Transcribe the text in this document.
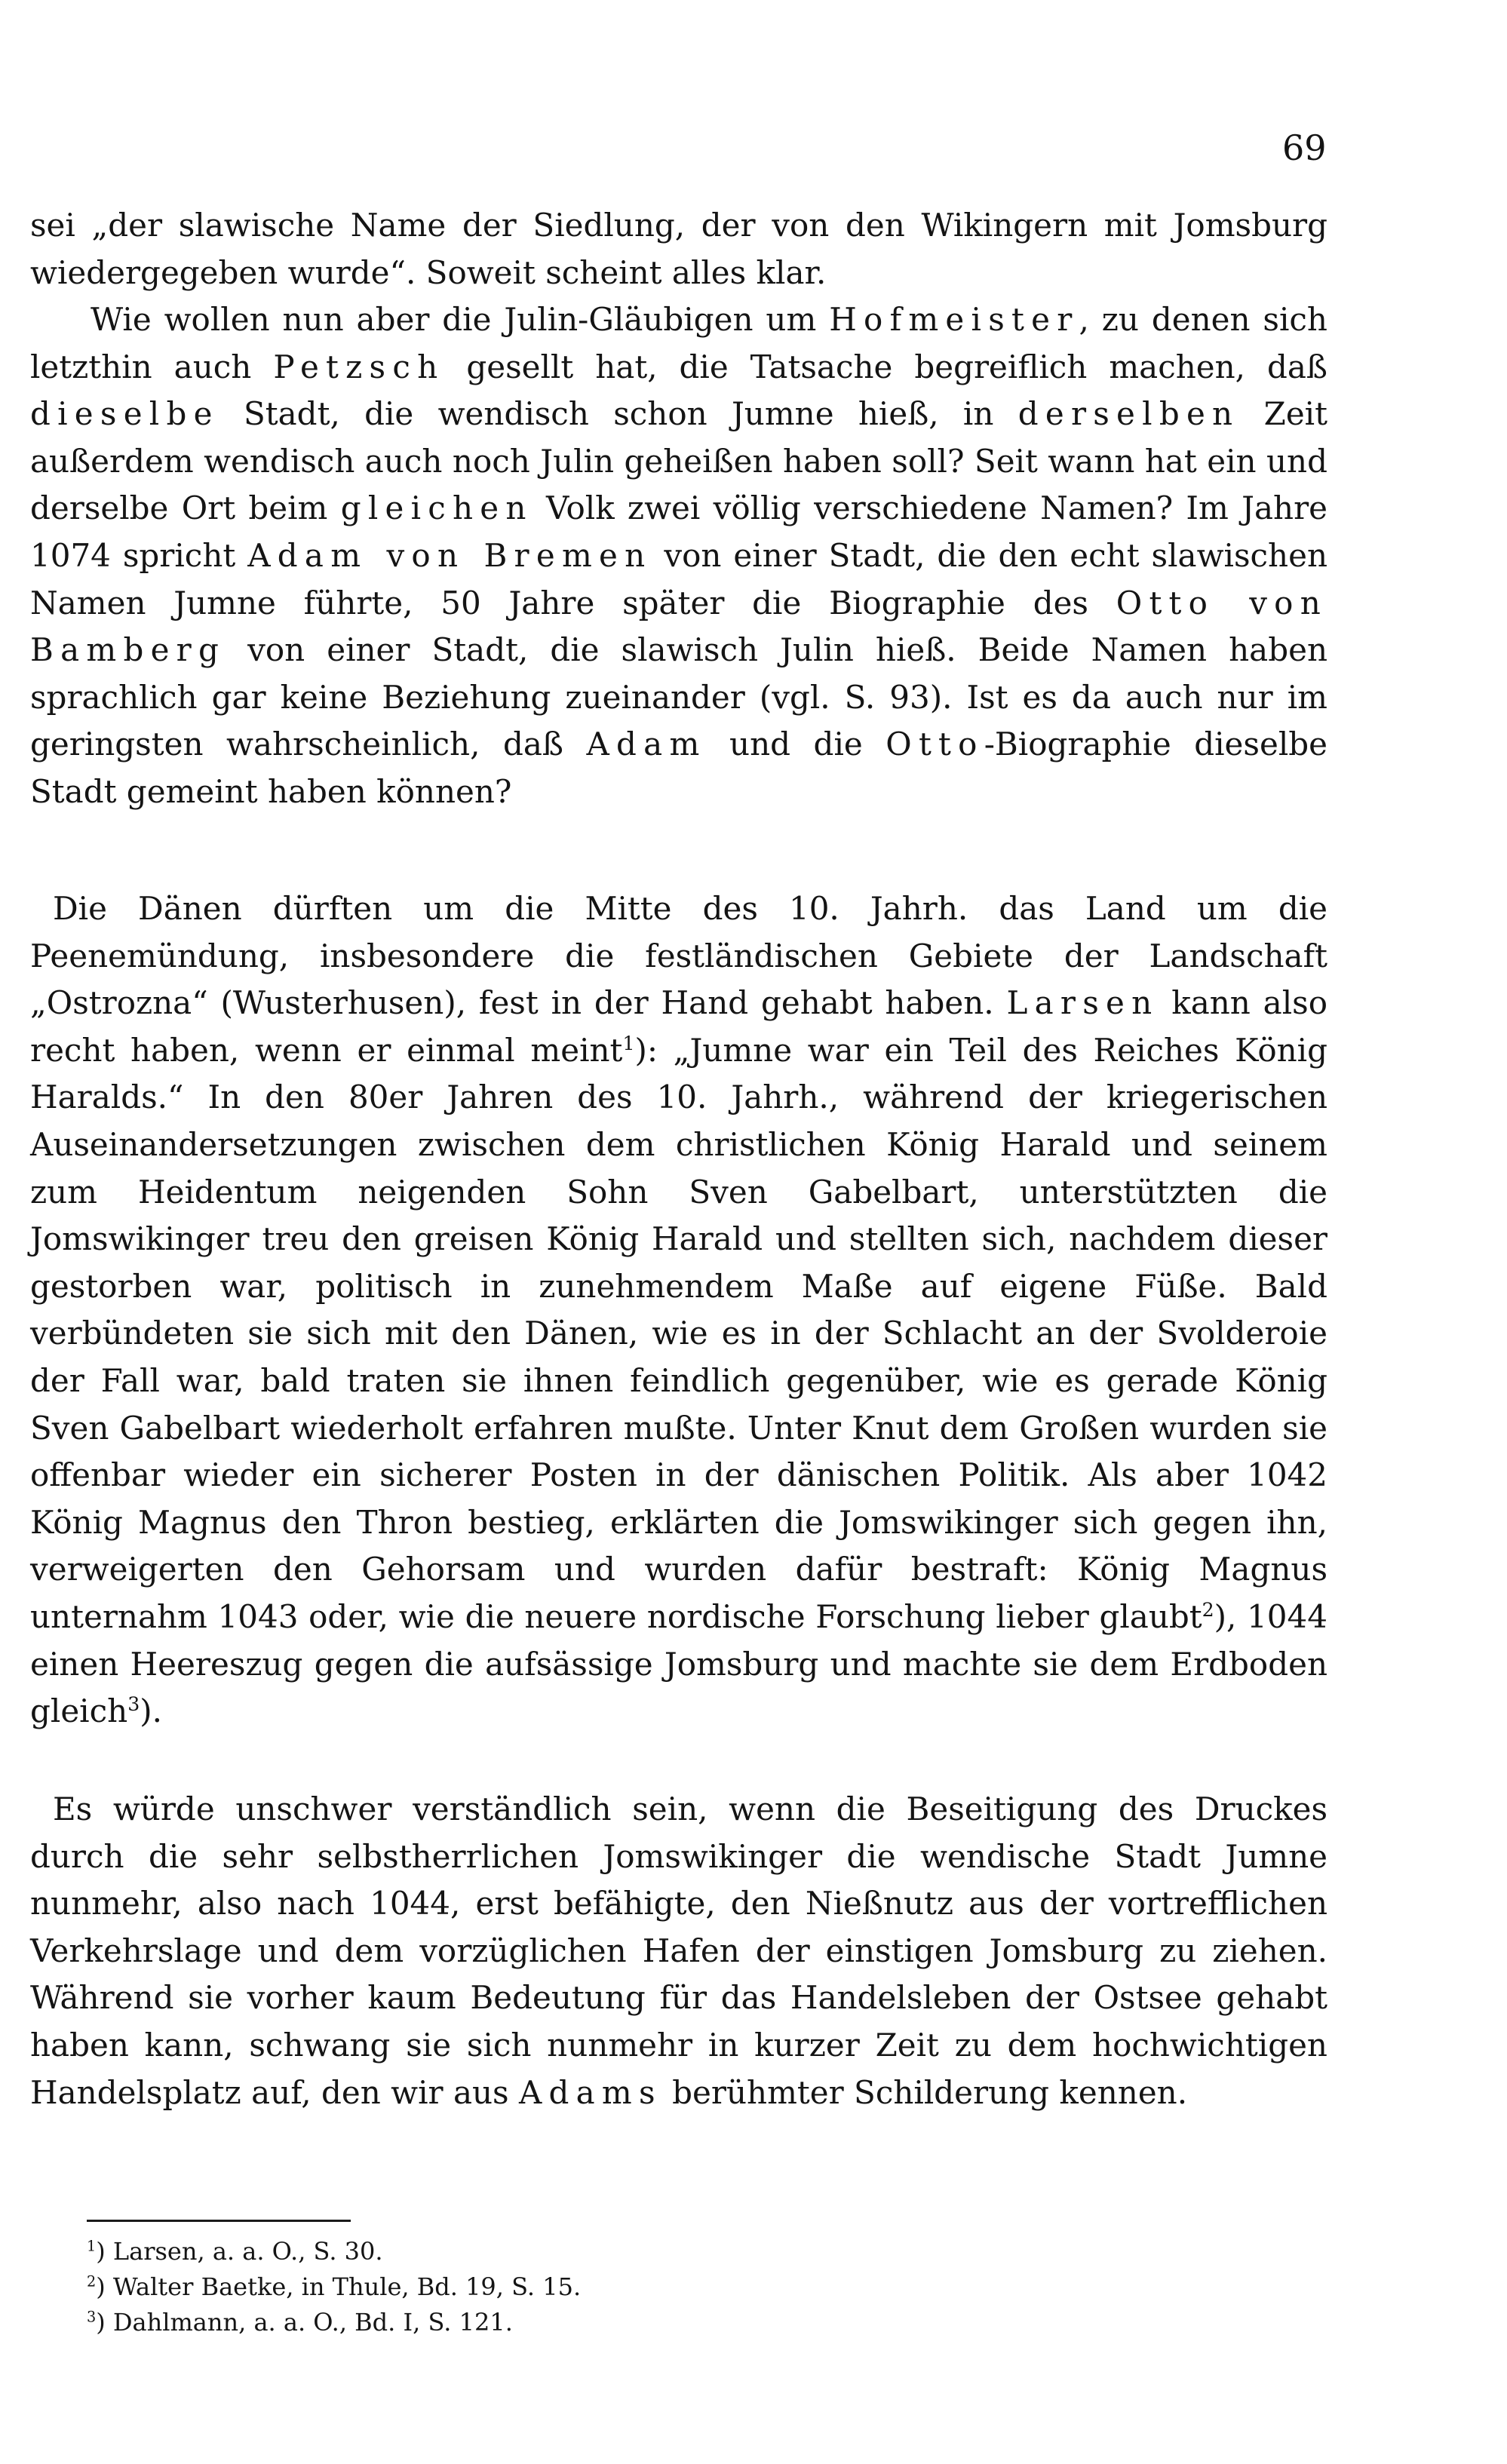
69

sei „der slawische Name der Siedlung, der von den Wikingern mit Jomsburg wiedergegeben wurde“. Soweit scheint alles klar.

Wie wollen nun aber die Julin-Gläubigen um Hofmeister, zu denen sich letzthin auch Petzsch gesellt hat, die Tatsache begreiflich machen, daß dieselbe Stadt, die wendisch schon Jumne hieß, in derselben Zeit außerdem wendisch auch noch Julin geheißen haben soll? Seit wann hat ein und derselbe Ort beim gleichen Volk zwei völlig verschiedene Namen? Im Jahre 1074 spricht Adam von Bremen von einer Stadt, die den echt slawischen Namen Jumne führte, 50 Jahre später die Biographie des Otto von Bamberg von einer Stadt, die slawisch Julin hieß. Beide Namen haben sprachlich gar keine Beziehung zueinander (vgl. S. 93). Ist es da auch nur im geringsten wahrscheinlich, daß Adam und die Otto-Biographie dieselbe Stadt gemeint haben können?

Die Dänen dürften um die Mitte des 10. Jahrh. das Land um die Peenemündung, insbesondere die festländischen Gebiete der Landschaft „Ostrozna“ (Wusterhusen), fest in der Hand gehabt haben. Larsen kann also recht haben, wenn er einmal meint$^1$): „Jumne war ein Teil des Reiches König Haralds.“ In den 80er Jahren des 10. Jahrh., während der kriegerischen Auseinandersetzungen zwischen dem christlichen König Harald und seinem zum Heidentum neigenden Sohn Sven Gabelbart, unterstützten die Jomswikinger treu den greisen König Harald und stellten sich, nachdem dieser gestorben war, politisch in zunehmendem Maße auf eigene Füße. Bald verbündeten sie sich mit den Dänen, wie es in der Schlacht an der Svolderoie der Fall war, bald traten sie ihnen feindlich gegenüber, wie es gerade König Sven Gabelbart wiederholt erfahren mußte. Unter Knut dem Großen wurden sie offenbar wieder ein sicherer Posten in der dänischen Politik. Als aber 1042 König Magnus den Thron bestieg, erklärten die Jomswikinger sich gegen ihn, verweigerten den Gehorsam und wurden dafür bestraft: König Magnus unternahm 1043 oder, wie die neuere nordische Forschung lieber glaubt$^2$), 1044 einen Heereszug gegen die aufsässige Jomsburg und machte sie dem Erdboden gleich$^3$).

Es würde unschwer verständlich sein, wenn die Beseitigung des Druckes durch die sehr selbstherrlichen Jomswikinger die wendische Stadt Jumne nunmehr, also nach 1044, erst befähigte, den Nießnutz aus der vortrefflichen Verkehrslage und dem vorzüglichen Hafen der einstigen Jomsburg zu ziehen. Während sie vorher kaum Bedeutung für das Handelsleben der Ostsee gehabt haben kann, schwang sie sich nunmehr in kurzer Zeit zu dem hochwichtigen Handelsplatz auf, den wir aus Adams berühmter Schilderung kennen.

$^1$) Larsen, a. a. O., S. 30.

$^2$) Walter Baetke, in Thule, Bd. 19, S. 15.

$^3$) Dahlmann, a. a. O., Bd. I, S. 121.
